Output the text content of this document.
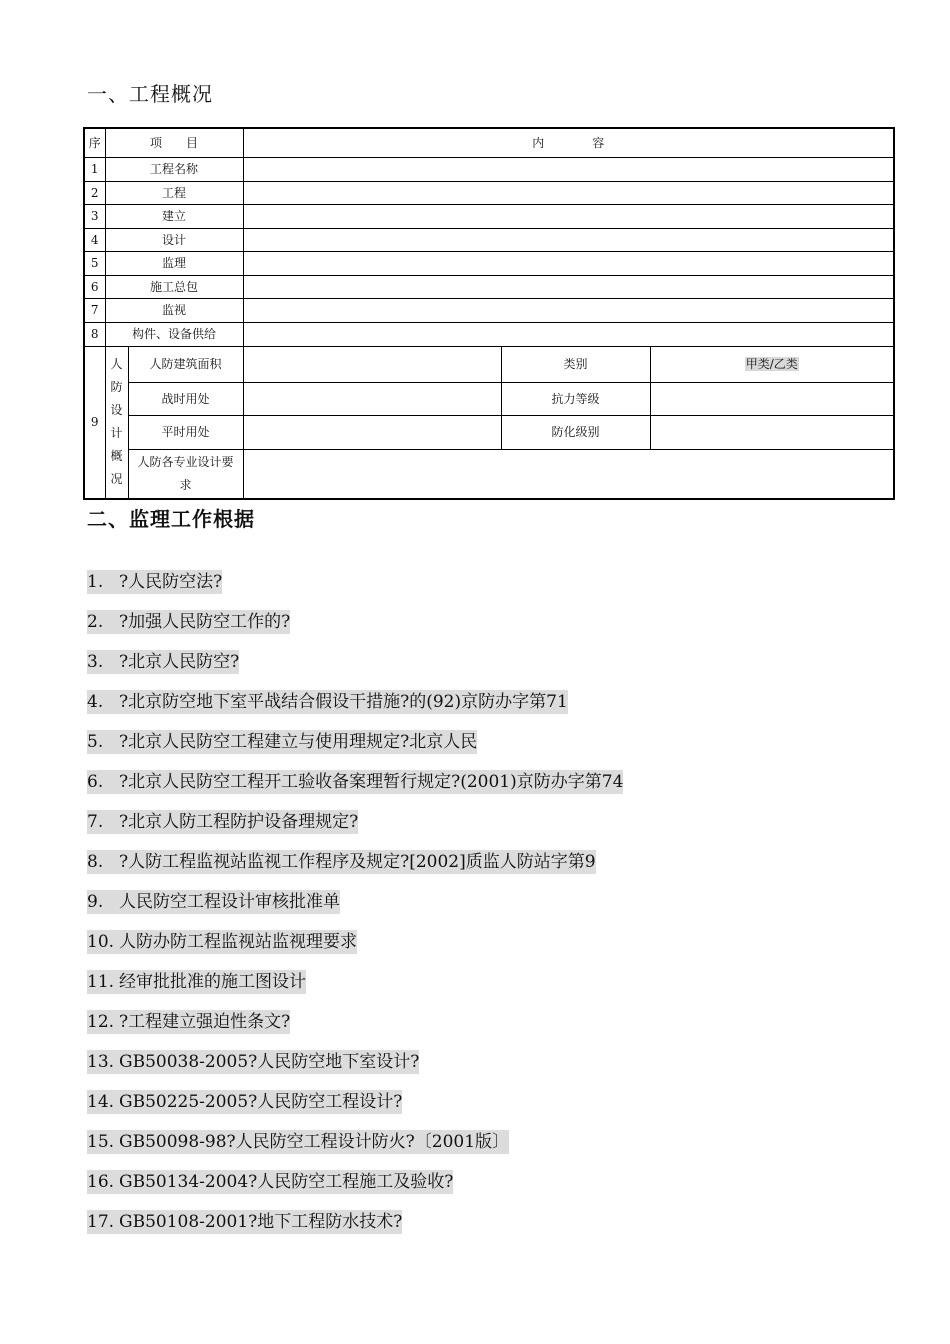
一、工程概况
序	项　　目		内　　　　容		
1	工程名称				
2	工程				
3	建立				
4	设计				
5	监理				
6	施工总包				
7	监视				
8	构件、设备供给				
9	人防设计概况	人防建筑面积		类别	甲类/乙类
		战时用处		抗力等级	
		平时用处		防化级别	
		人防各专业设计要求			
二、监理工作根据
1. ?人民防空法?
2. ?加强人民防空工作的?
3. ?北京人民防空?
4. ?北京防空地下室平战结合假设干措施?的(92)京防办字第71
5. ?北京人民防空工程建立与使用理规定?北京人民
6. ?北京人民防空工程开工验收备案理暂行规定?(2001)京防办字第74
7. ?北京人防工程防护设备理规定?
8. ?人防工程监视站监视工作程序及规定?[2002]质监人防站字第9
9. 人民防空工程设计审核批准单
10. 人防办防工程监视站监视理要求
11. 经审批批准的施工图设计
12. ?工程建立强迫性条文?
13. GB50038-2005?人民防空地下室设计?
14. GB50225-2005?人民防空工程设计?
15. GB50098-98?人民防空工程设计防火?〔2001版〕
16. GB50134-2004?人民防空工程施工及验收?
17. GB50108-2001?地下工程防水技术?
